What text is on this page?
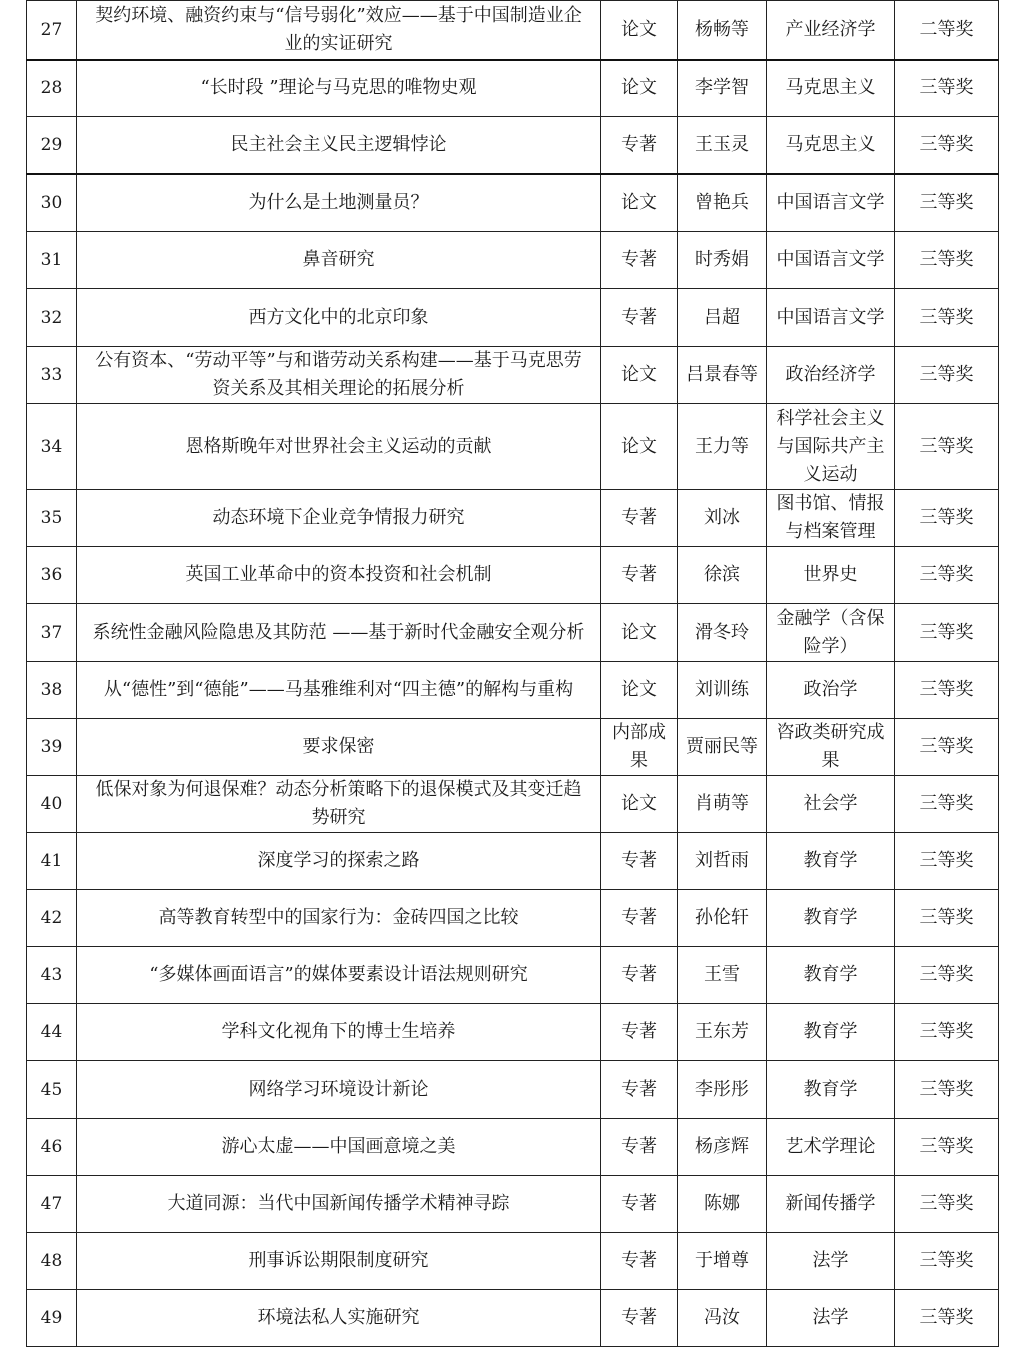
27	契约环境、融资约束与“信号弱化”效应——基于中国制造业企业的实证研究	论文	杨畅等	产业经济学	二等奖
28	“长时段 ”理论与马克思的唯物史观	论文	李学智	马克思主义	三等奖
29	民主社会主义民主逻辑悖论	专著	王玉灵	马克思主义	三等奖
30	为什么是土地测量员？	论文	曾艳兵	中国语言文学	三等奖
31	鼻音研究	专著	时秀娟	中国语言文学	三等奖
32	西方文化中的北京印象	专著	吕超	中国语言文学	三等奖
33	公有资本、“劳动平等”与和谐劳动关系构建——基于马克思劳资关系及其相关理论的拓展分析	论文	吕景春等	政治经济学	三等奖
34	恩格斯晚年对世界社会主义运动的贡献	论文	王力等	科学社会主义与国际共产主义运动	三等奖
35	动态环境下企业竞争情报力研究	专著	刘冰	图书馆、情报与档案管理	三等奖
36	英国工业革命中的资本投资和社会机制	专著	徐滨	世界史	三等奖
37	系统性金融风险隐患及其防范 ——基于新时代金融安全观分析	论文	滑冬玲	金融学（含保险学）	三等奖
38	从“德性”到“德能”——马基雅维利对“四主德”的解构与重构	论文	刘训练	政治学	三等奖
39	要求保密	内部成果	贾丽民等	咨政类研究成果	三等奖
40	低保对象为何退保难？动态分析策略下的退保模式及其变迁趋势研究	论文	肖萌等	社会学	三等奖
41	深度学习的探索之路	专著	刘哲雨	教育学	三等奖
42	高等教育转型中的国家行为：金砖四国之比较	专著	孙伦轩	教育学	三等奖
43	“多媒体画面语言”的媒体要素设计语法规则研究	专著	王雪	教育学	三等奖
44	学科文化视角下的博士生培养	专著	王东芳	教育学	三等奖
45	网络学习环境设计新论	专著	李彤彤	教育学	三等奖
46	游心太虚——中国画意境之美	专著	杨彦辉	艺术学理论	三等奖
47	大道同源：当代中国新闻传播学术精神寻踪	专著	陈娜	新闻传播学	三等奖
48	刑事诉讼期限制度研究	专著	于增尊	法学	三等奖
49	环境法私人实施研究	专著	冯汝	法学	三等奖
